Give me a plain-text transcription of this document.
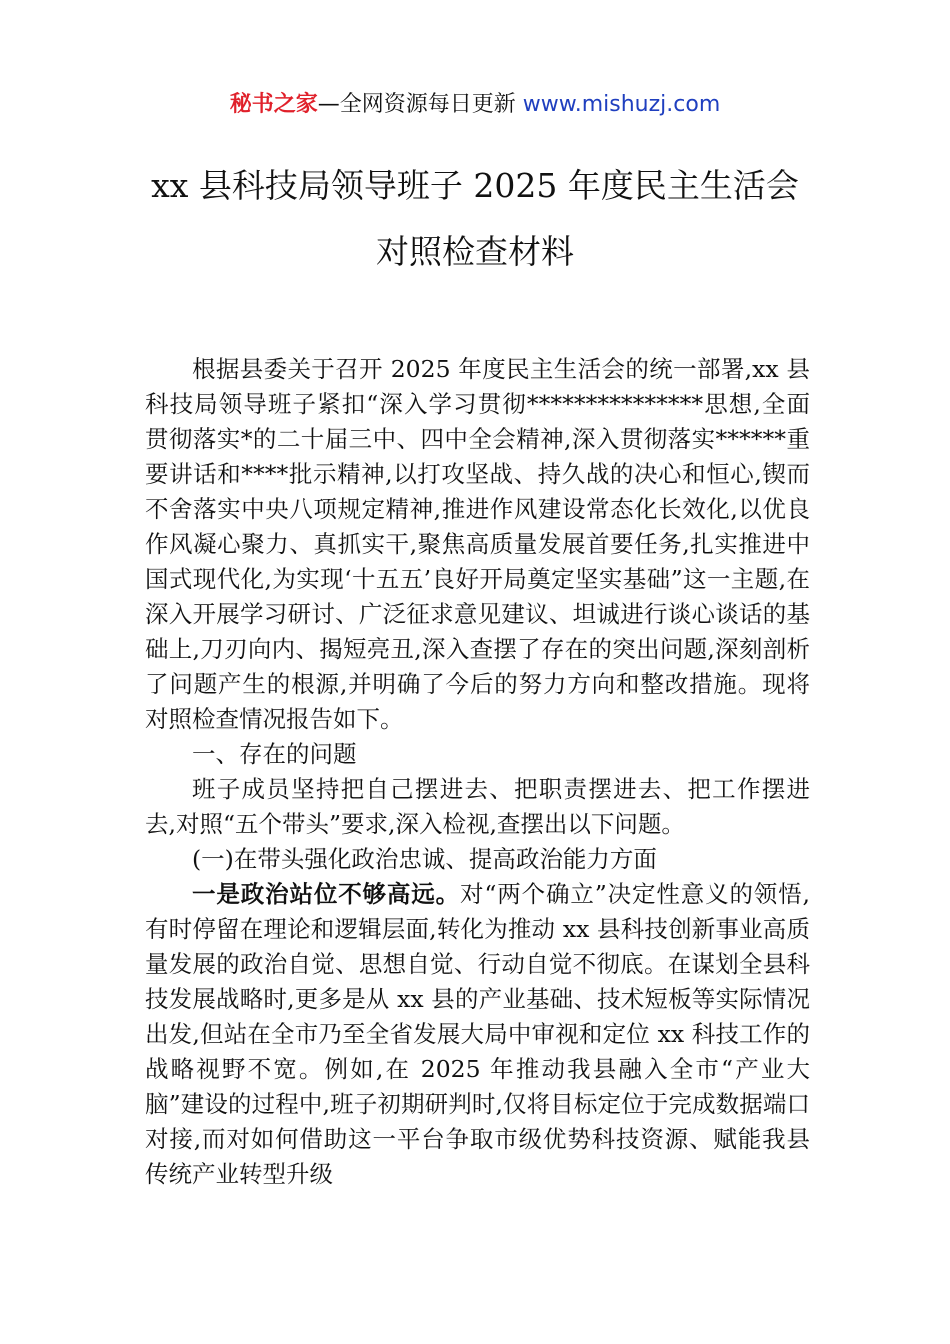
秘书之家—全网资源每日更新 www.mishuzj.com
xx 县科技局领导班子 2025 年度民主生活会
对照检查材料

根据县委关于召开 2025 年度民主生活会的统一部署,xx 县科技局领导班子紧扣“深入学习贯彻***************思想,全面贯彻落实*的二十届三中、四中全会精神,深入贯彻落实******重要讲话和****批示精神,以打攻坚战、持久战的决心和恒心,锲而不舍落实中央八项规定精神,推进作风建设常态化长效化,以优良作风凝心聚力、真抓实干,聚焦高质量发展首要任务,扎实推进中国式现代化,为实现‘十五五’良好开局奠定坚实基础”这一主题,在深入开展学习研讨、广泛征求意见建议、坦诚进行谈心谈话的基础上,刀刃向内、揭短亮丑,深入查摆了存在的突出问题,深刻剖析了问题产生的根源,并明确了今后的努力方向和整改措施。现将对照检查情况报告如下。

一、存在的问题

班子成员坚持把自己摆进去、把职责摆进去、把工作摆进去,对照“五个带头”要求,深入检视,查摆出以下问题。

(一)在带头强化政治忠诚、提高政治能力方面

一是政治站位不够高远。对“两个确立”决定性意义的领悟,有时停留在理论和逻辑层面,转化为推动 xx 县科技创新事业高质量发展的政治自觉、思想自觉、行动自觉不彻底。在谋划全县科技发展战略时,更多是从 xx 县的产业基础、技术短板等实际情况出发,但站在全市乃至全省发展大局中审视和定位 xx 科技工作的战略视野不宽。例如,在 2025 年推动我县融入全市“产业大脑”建设的过程中,班子初期研判时,仅将目标定位于完成数据端口对接,而对如何借助这一平台争取市级优势科技资源、赋能我县传统产业转型升级
